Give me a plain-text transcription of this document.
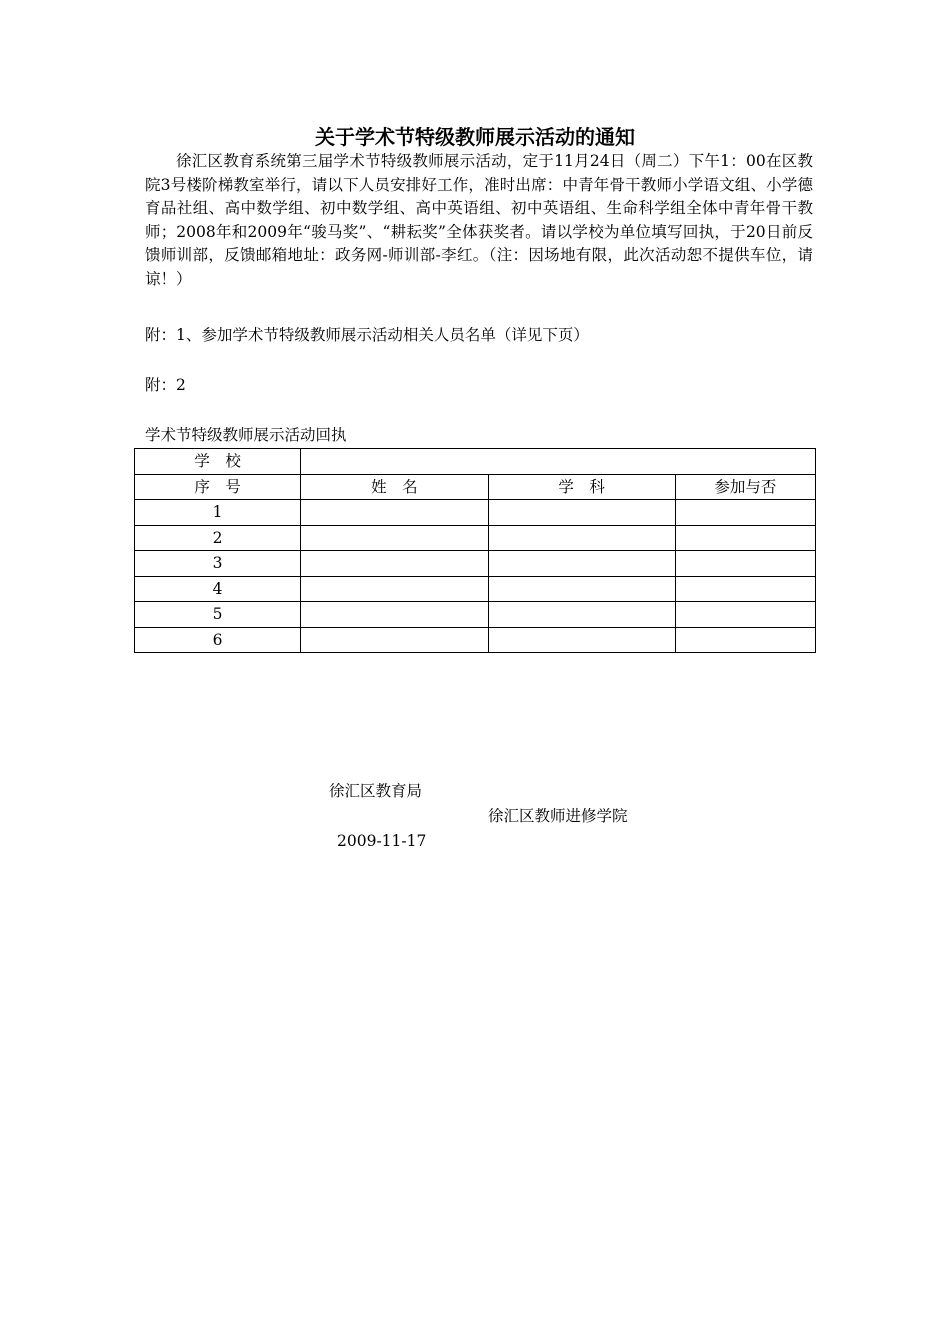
关于学术节特级教师展示活动的通知

徐汇区教育系统第三届学术节特级教师展示活动，定于11月24日（周二）下午1：00在区教院3号楼阶梯教室举行，请以下人员安排好工作，准时出席：中青年骨干教师小学语文组、小学德育品社组、高中数学组、初中数学组、高中英语组、初中英语组、生命科学组全体中青年骨干教师；2008年和2009年“骏马奖”、“耕耘奖”全体获奖者。请以学校为单位填写回执，于20日前反馈师训部，反馈邮箱地址：政务网-师训部-李红。（注：因场地有限，此次活动恕不提供车位，请谅！）

附：1、参加学术节特级教师展示活动相关人员名单（详见下页）

附：2

学术节特级教师展示活动回执

学　校			
序　号	姓　名	学　科	参加与否
1			
2			
3			
4			
5			
6			

徐汇区教育局

徐汇区教师进修学院

2009-11-17
